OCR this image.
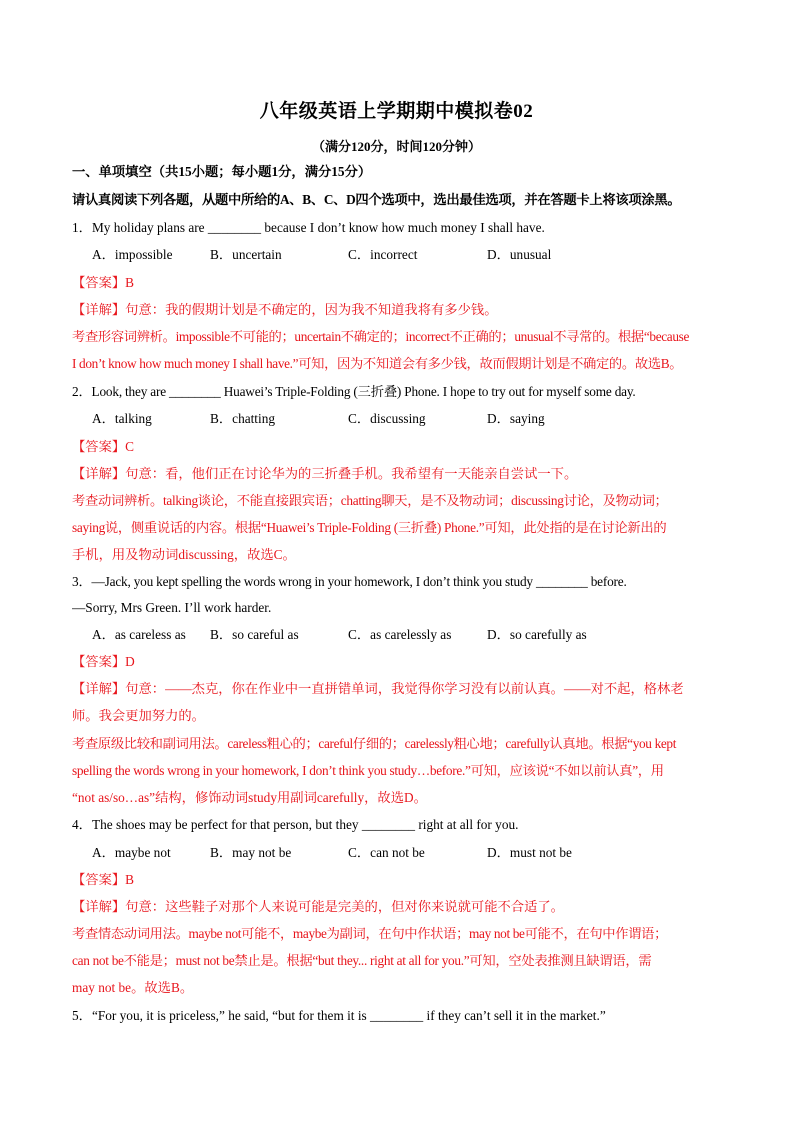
八年级英语上学期期中模拟卷02
（满分120分，时间120分钟）
一、单项填空（共15小题；每小题1分，满分15分）
请认真阅读下列各题，从题中所给的A、B、C、D四个选项中，选出最佳选项，并在答题卡上将该项涂黑。
1．My holiday plans are ________ because I don’t know how much money I shall have.
A．impossible	B．uncertain	C．incorrect	D．unusual
【答案】B
【详解】句意：我的假期计划是不确定的，因为我不知道我将有多少钱。
考查形容词辨析。impossible不可能的；uncertain不确定的；incorrect不正确的；unusual不寻常的。根据“because
I don’t know how much money I shall have.”可知，因为不知道会有多少钱，故而假期计划是不确定的。故选B。
2．Look, they are ________ Huawei’s Triple-Folding (三折叠) Phone. I hope to try out for myself some day.
A．talking	B．chatting	C．discussing	D．saying
【答案】C
【详解】句意：看，他们正在讨论华为的三折叠手机。我希望有一天能亲自尝试一下。
考查动词辨析。talking谈论，不能直接跟宾语；chatting聊天，是不及物动词；discussing讨论，及物动词；
saying说，侧重说话的内容。根据“Huawei’s Triple-Folding (三折叠) Phone.”可知，此处指的是在讨论新出的
手机，用及物动词discussing，故选C。
3．—Jack, you kept spelling the words wrong in your homework, I don’t think you study ________ before.
—Sorry, Mrs Green. I’ll work harder.
A．as careless as B．so careful as	C．as carelessly as	D．so carefully as
【答案】D
【详解】句意：——杰克，你在作业中一直拼错单词，我觉得你学习没有以前认真。——对不起，格林老
师。我会更加努力的。
考查原级比较和副词用法。careless粗心的；careful仔细的；carelessly粗心地；carefully认真地。根据“you kept
spelling the words wrong in your homework, I don’t think you study…before.”可知，应该说“不如以前认真”，用
“not as/so…as”结构，修饰动词study用副词carefully，故选D。
4．The shoes may be perfect for that person, but they ________ right at all for you.
A．maybe not	B．may not be	C．can not be	D．must not be
【答案】B
【详解】句意：这些鞋子对那个人来说可能是完美的，但对你来说就可能不合适了。
考查情态动词用法。maybe not可能不，maybe为副词，在句中作状语；may not be可能不，在句中作谓语；
can not be不能是；must not be禁止是。根据“but they... right at all for you.”可知，空处表推测且缺谓语，需
may not be。故选B。
5．“For you, it is priceless,” he said, “but for them it is ________ if they can’t sell it in the market.”
